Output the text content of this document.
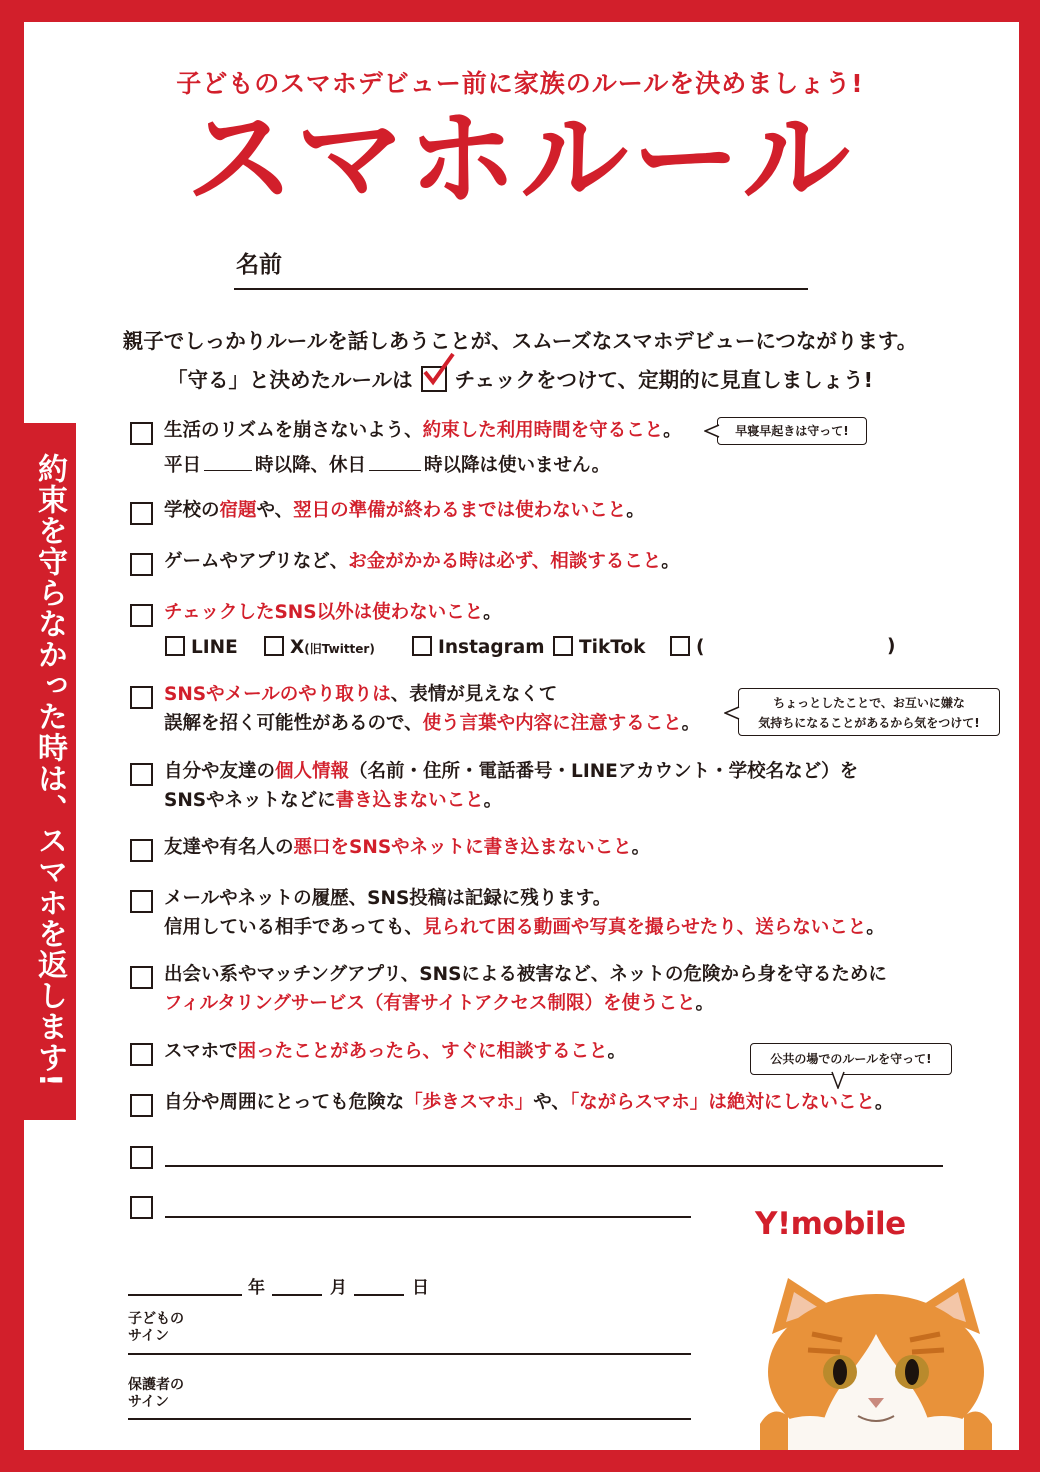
子どものスマホデビュー前に家族のルールを決めましょう!
スマホルール
名前
親子でしっかりルールを話しあうことが、スムーズなスマホデビューにつながります。
「守る」と決めたルールは チェックをつけて、定期的に見直しましょう!
約束を守らなかった時は、スマホを返します!
生活のリズムを崩さないよう、約束した利用時間を守ること。
平日	時以降、休日	時以降は使いません。
学校の宿題や、翌日の準備が終わるまでは使わないこと。
ゲームやアプリなど、お金がかかる時は必ず、相談すること。
チェックしたSNS以外は使わないこと。
LINE	X(旧Twitter)	Instagram	TikTok	(	)
SNSやメールのやり取りは、表情が見えなくて
誤解を招く可能性があるので、使う言葉や内容に注意すること。
自分や友達の個人情報（名前・住所・電話番号・LINEアカウント・学校名など）を
SNSやネットなどに書き込まないこと。
友達や有名人の悪口をSNSやネットに書き込まないこと。
メールやネットの履歴、SNS投稿は記録に残ります。
信用している相手であっても、見られて困る動画や写真を撮らせたり、送らないこと。
出会い系やマッチングアプリ、SNSによる被害など、ネットの危険から身を守るために
フィルタリングサービス（有害サイトアクセス制限）を使うこと。
スマホで困ったことがあったら、すぐに相談すること。
自分や周囲にとっても危険な「歩きスマホ」や、「ながらスマホ」は絶対にしないこと。
早寝早起きは守って!
ちょっとしたことで、お互いに嫌な
気持ちになることがあるから気をつけて!
公共の場でのルールを守って!
Y!mobile
年	月	日
子どもの
サイン
保護者の
サイン
